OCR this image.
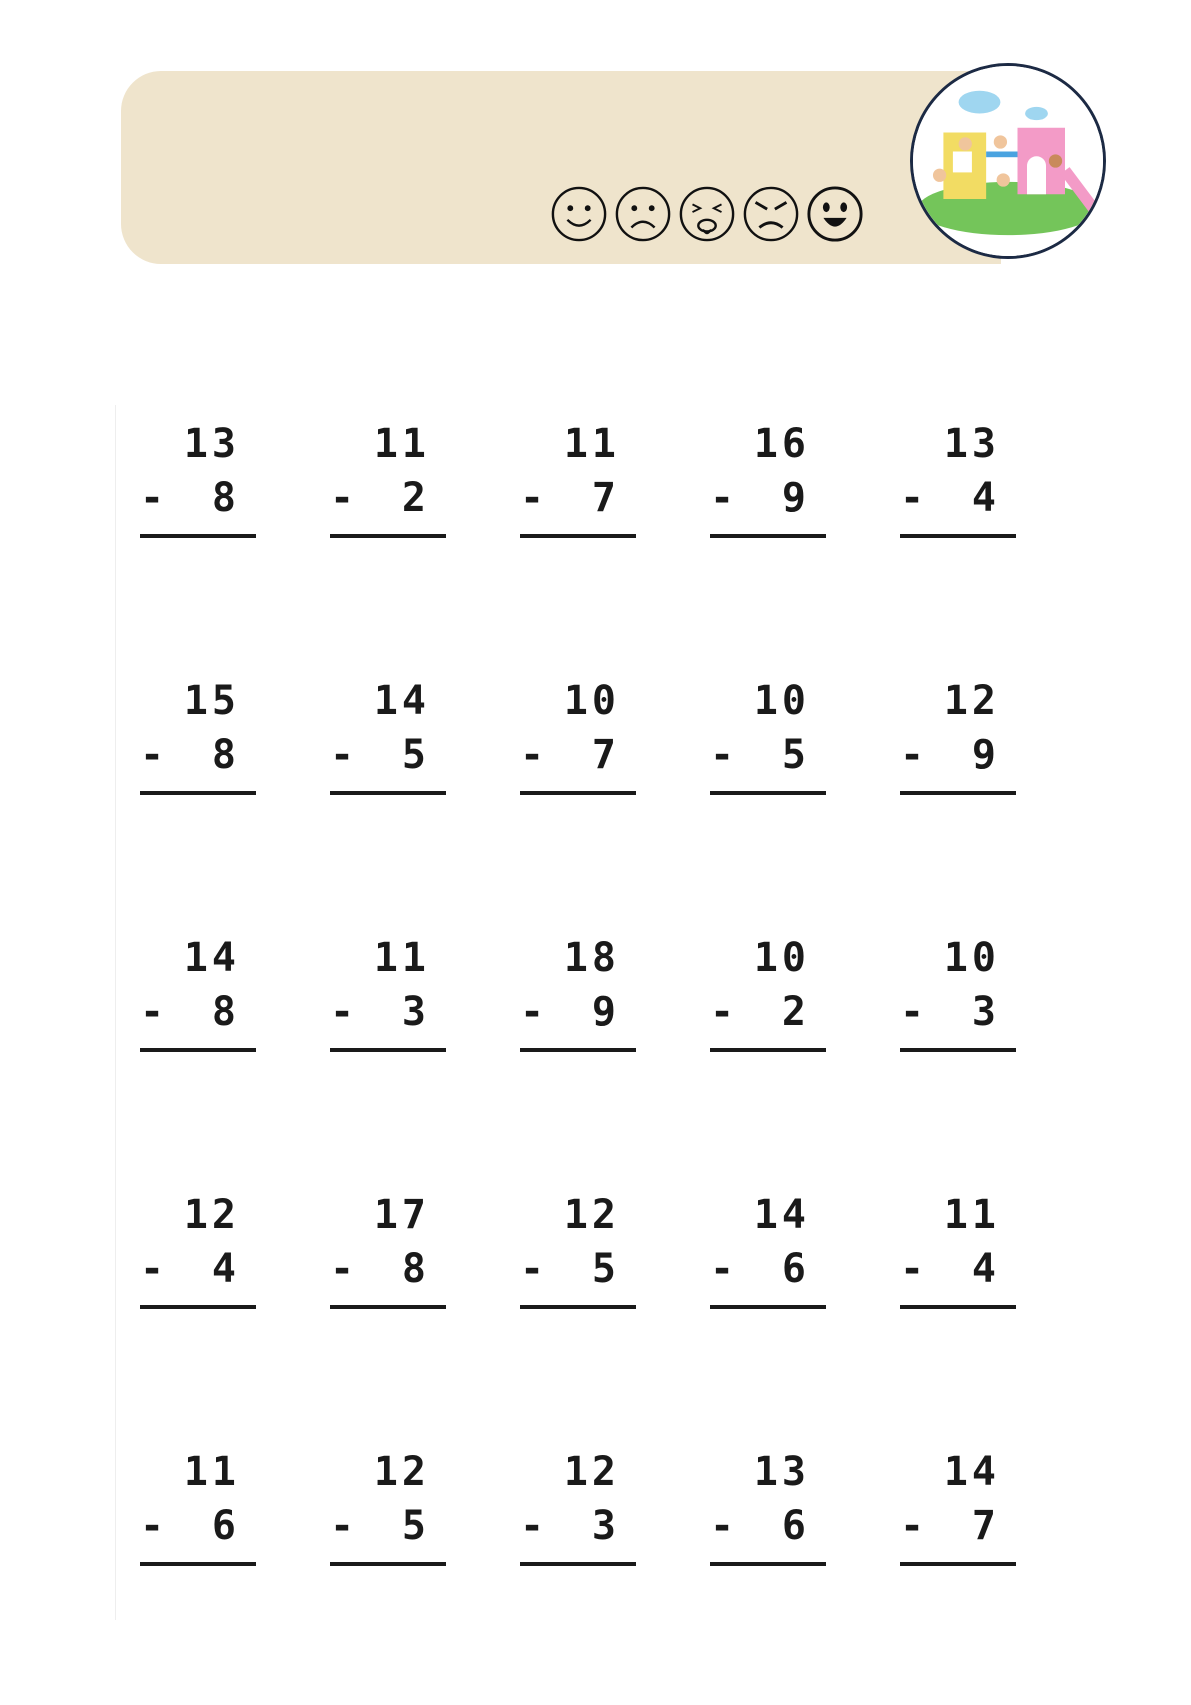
13
-	8
11
-	2
11
-	7
16
-	9
13
-	4
15
-	8
14
-	5
10
-	7
10
-	5
12
-	9
14
-	8
11
-	3
18
-	9
10
-	2
10
-	3
12
-	4
17
-	8
12
-	5
14
-	6
11
-	4
11
-	6
12
-	5
12
-	3
13
-	6
14
-	7
